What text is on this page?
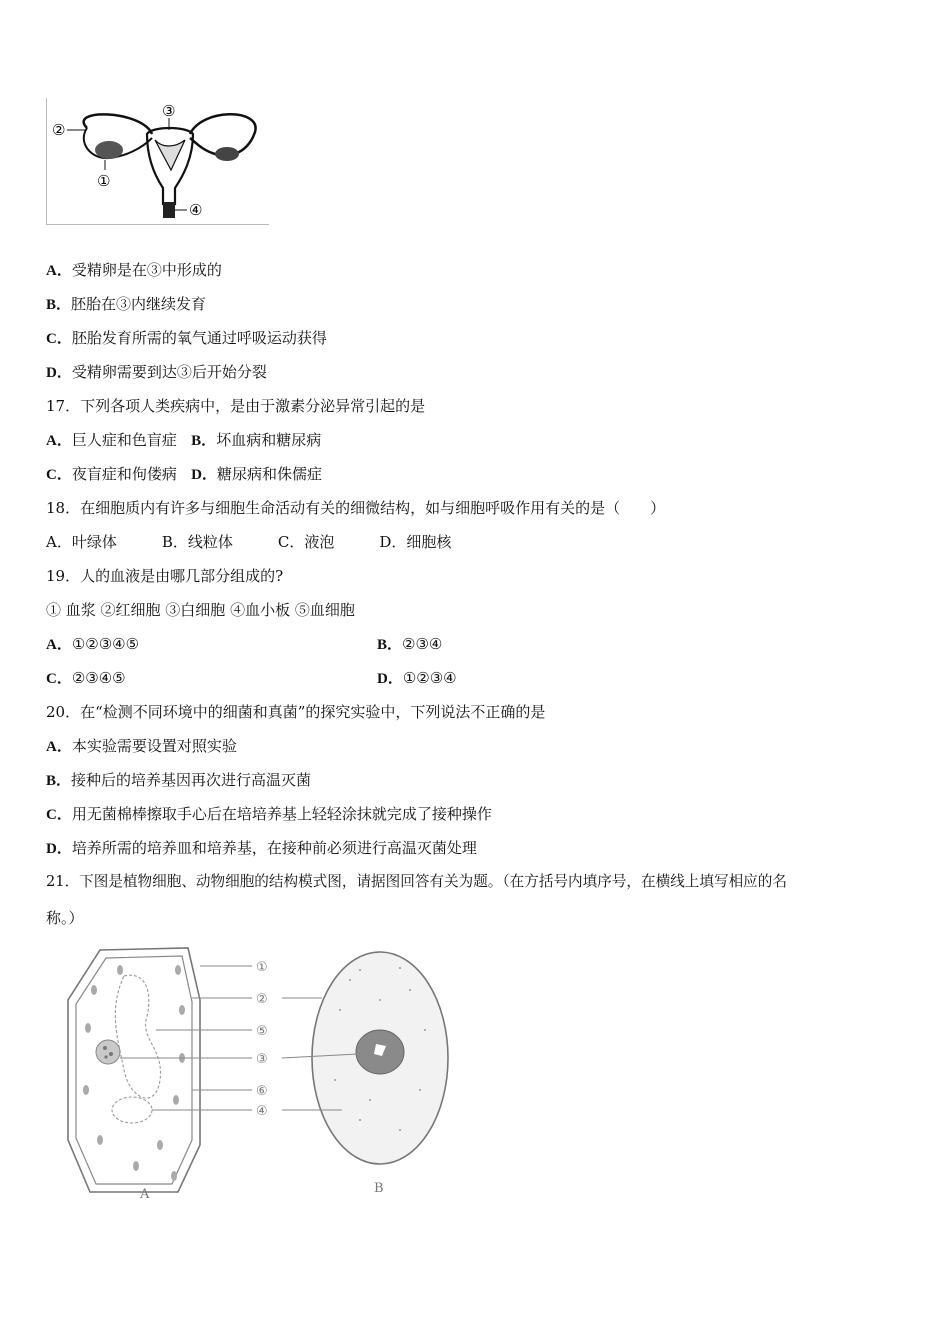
②
③
①
④
A．受精卵是在③中形成的
B．胚胎在③内继续发育
C．胚胎发育所需的氧气通过呼吸运动获得
D．受精卵需要到达③后开始分裂
17．下列各项人类疾病中，是由于激素分泌异常引起的是
A．巨人症和色盲症 B．坏血病和糖尿病
C．夜盲症和佝偻病 D．糖尿病和侏儒症
18．在细胞质内有许多与细胞生命活动有关的细微结构，如与细胞呼吸作用有关的是（　　）
A．叶绿体　　　B．线粒体　　　C．液泡　　　D．细胞核
19．人的血液是由哪几部分组成的?
① 血浆 ②红细胞 ③白细胞 ④血小板 ⑤血细胞
A．①②③④⑤	B．②③④
C．②③④⑤	D．①②③④
20．在“检测不同环境中的细菌和真菌”的探究实验中，下列说法不正确的是
A．本实验需要设置对照实验
B．接种后的培养基因再次进行高温灭菌
C．用无菌棉棒擦取手心后在培培养基上轻轻涂抹就完成了接种操作
D．培养所需的培养皿和培养基，在接种前必须进行高温灭菌处理
21．下图是植物细胞、动物细胞的结构模式图，请据图回答有关为题。（在方括号内填序号，在横线上填写相应的名
称。）
①
②
⑤
③
⑥
④
A	B
